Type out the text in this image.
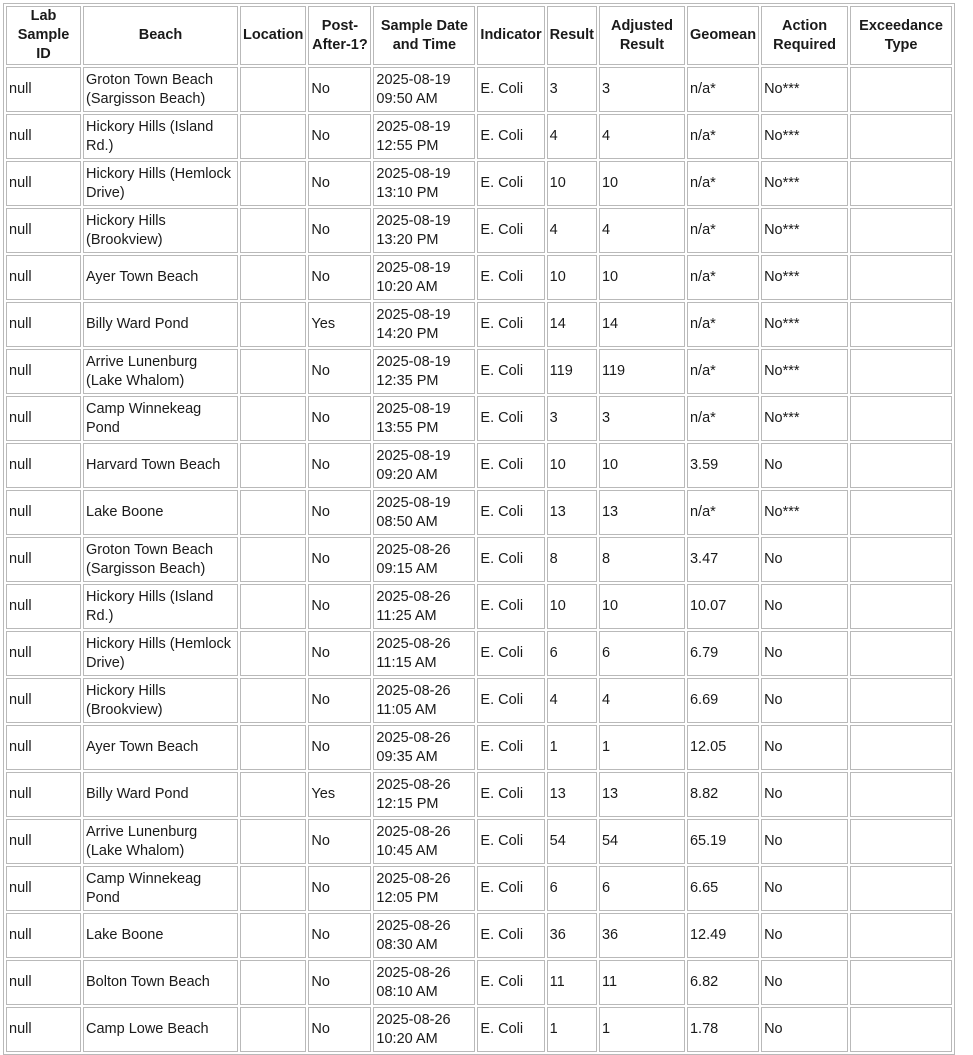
Lab Sample ID	Beach	Location	Post-After-1?	Sample Date and Time	Indicator	Result	Adjusted Result	Geomean	Action Required	Exceedance Type
null	Groton Town Beach (Sargisson Beach)		No	2025-08-19 09:50 AM	E. Coli	3	3	n/a*	No***	
null	Hickory Hills (Island Rd.)		No	2025-08-19 12:55 PM	E. Coli	4	4	n/a*	No***	
null	Hickory Hills (Hemlock Drive)		No	2025-08-19 13:10 PM	E. Coli	10	10	n/a*	No***	
null	Hickory Hills (Brookview)		No	2025-08-19 13:20 PM	E. Coli	4	4	n/a*	No***	
null	Ayer Town Beach		No	2025-08-19 10:20 AM	E. Coli	10	10	n/a*	No***	
null	Billy Ward Pond		Yes	2025-08-19 14:20 PM	E. Coli	14	14	n/a*	No***	
null	Arrive Lunenburg (Lake Whalom)		No	2025-08-19 12:35 PM	E. Coli	119	119	n/a*	No***	
null	Camp Winnekeag Pond		No	2025-08-19 13:55 PM	E. Coli	3	3	n/a*	No***	
null	Harvard Town Beach		No	2025-08-19 09:20 AM	E. Coli	10	10	3.59	No	
null	Lake Boone		No	2025-08-19 08:50 AM	E. Coli	13	13	n/a*	No***	
null	Groton Town Beach (Sargisson Beach)		No	2025-08-26 09:15 AM	E. Coli	8	8	3.47	No	
null	Hickory Hills (Island Rd.)		No	2025-08-26 11:25 AM	E. Coli	10	10	10.07	No	
null	Hickory Hills (Hemlock Drive)		No	2025-08-26 11:15 AM	E. Coli	6	6	6.79	No	
null	Hickory Hills (Brookview)		No	2025-08-26 11:05 AM	E. Coli	4	4	6.69	No	
null	Ayer Town Beach		No	2025-08-26 09:35 AM	E. Coli	1	1	12.05	No	
null	Billy Ward Pond		Yes	2025-08-26 12:15 PM	E. Coli	13	13	8.82	No	
null	Arrive Lunenburg (Lake Whalom)		No	2025-08-26 10:45 AM	E. Coli	54	54	65.19	No	
null	Camp Winnekeag Pond		No	2025-08-26 12:05 PM	E. Coli	6	6	6.65	No	
null	Lake Boone		No	2025-08-26 08:30 AM	E. Coli	36	36	12.49	No	
null	Bolton Town Beach		No	2025-08-26 08:10 AM	E. Coli	11	11	6.82	No	
null	Camp Lowe Beach		No	2025-08-26 10:20 AM	E. Coli	1	1	1.78	No	
